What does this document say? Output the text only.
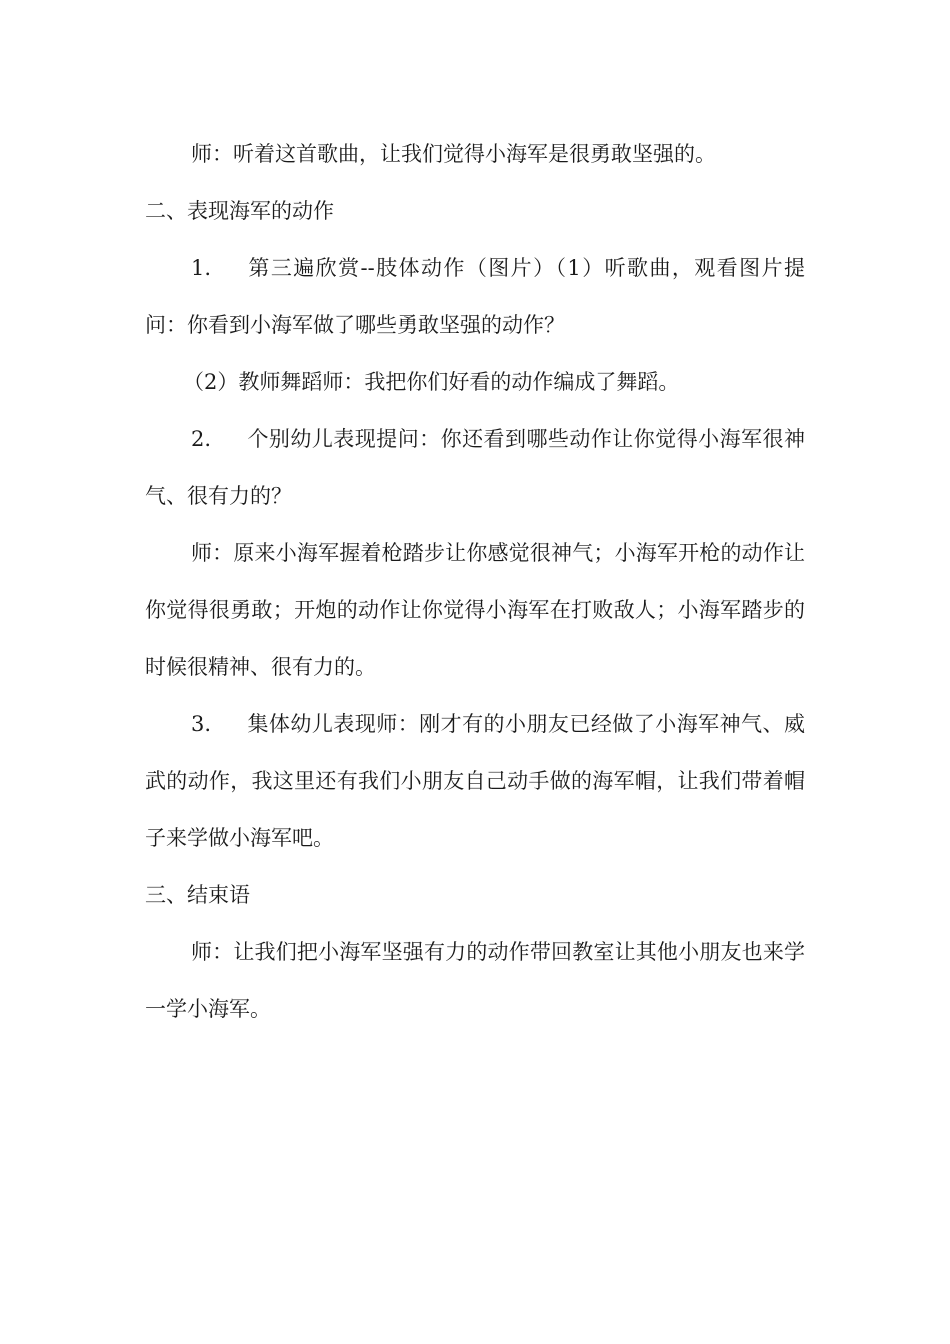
师：听着这首歌曲，让我们觉得小海军是很勇敢坚强的。

二、表现海军的动作

1. 第三遍欣赏--肢体动作（图片）（1）听歌曲，观看图片提问：你看到小海军做了哪些勇敢坚强的动作？

（2）教师舞蹈师：我把你们好看的动作编成了舞蹈。

2. 个别幼儿表现提问：你还看到哪些动作让你觉得小海军很神气、很有力的？

师：原来小海军握着枪踏步让你感觉很神气；小海军开枪的动作让你觉得很勇敢；开炮的动作让你觉得小海军在打败敌人；小海军踏步的时候很精神、很有力的。

3. 集体幼儿表现师：刚才有的小朋友已经做了小海军神气、威武的动作，我这里还有我们小朋友自己动手做的海军帽，让我们带着帽子来学做小海军吧。

三、结束语

师：让我们把小海军坚强有力的动作带回教室让其他小朋友也来学一学小海军。
